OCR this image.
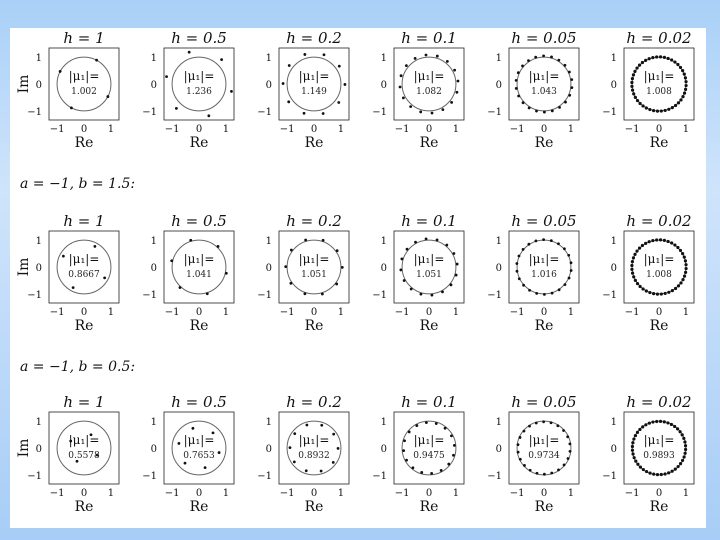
h = 1
|μ₁|=
1.002
−1 0 1
Re
1
0
−1
h = 0.5
|μ₁|=
1.236
−1 0 1
Re
1
0
−1
h = 0.2
|μ₁|=
1.149
−1 0 1
Re
1
0
−1
h = 0.1
|μ₁|=
1.082
−1 0 1
Re
1
0
−1
h = 0.05
|μ₁|=
1.043
−1 0 1
Re
1
0
−1
h = 0.02
|μ₁|=
1.008
−1 0 1
Re
1
0
−1
h = 1
|μ₁|=
0.8667
−1 0 1
Re
1
0
−1
h = 0.5
|μ₁|=
1.041
−1 0 1
Re
1
0
−1
h = 0.2
|μ₁|=
1.051
−1 0 1
Re
1
0
−1
h = 0.1
|μ₁|=
1.051
−1 0 1
Re
1
0
−1
h = 0.05
|μ₁|=
1.016
−1 0 1
Re
1
0
−1
h = 0.02
|μ₁|=
1.008
−1 0 1
Re
1
0
−1
h = 1
|μ₁|=
0.5578
−1 0 1
Re
1
0
−1
h = 0.5
|μ₁|=
0.7653
−1 0 1
Re
1
0
−1
h = 0.2
|μ₁|=
0.8932
−1 0 1
Re
1
0
−1
h = 0.1
|μ₁|=
0.9475
−1 0 1
Re
1
0
−1
h = 0.05
|μ₁|=
0.9734
−1 0 1
Re
1
0
−1
h = 0.02
|μ₁|=
0.9893
−1 0 1
Re
1
0
−1
Im
Im
Im
a = −1, b = 1.5:
a = −1, b = 0.5:
